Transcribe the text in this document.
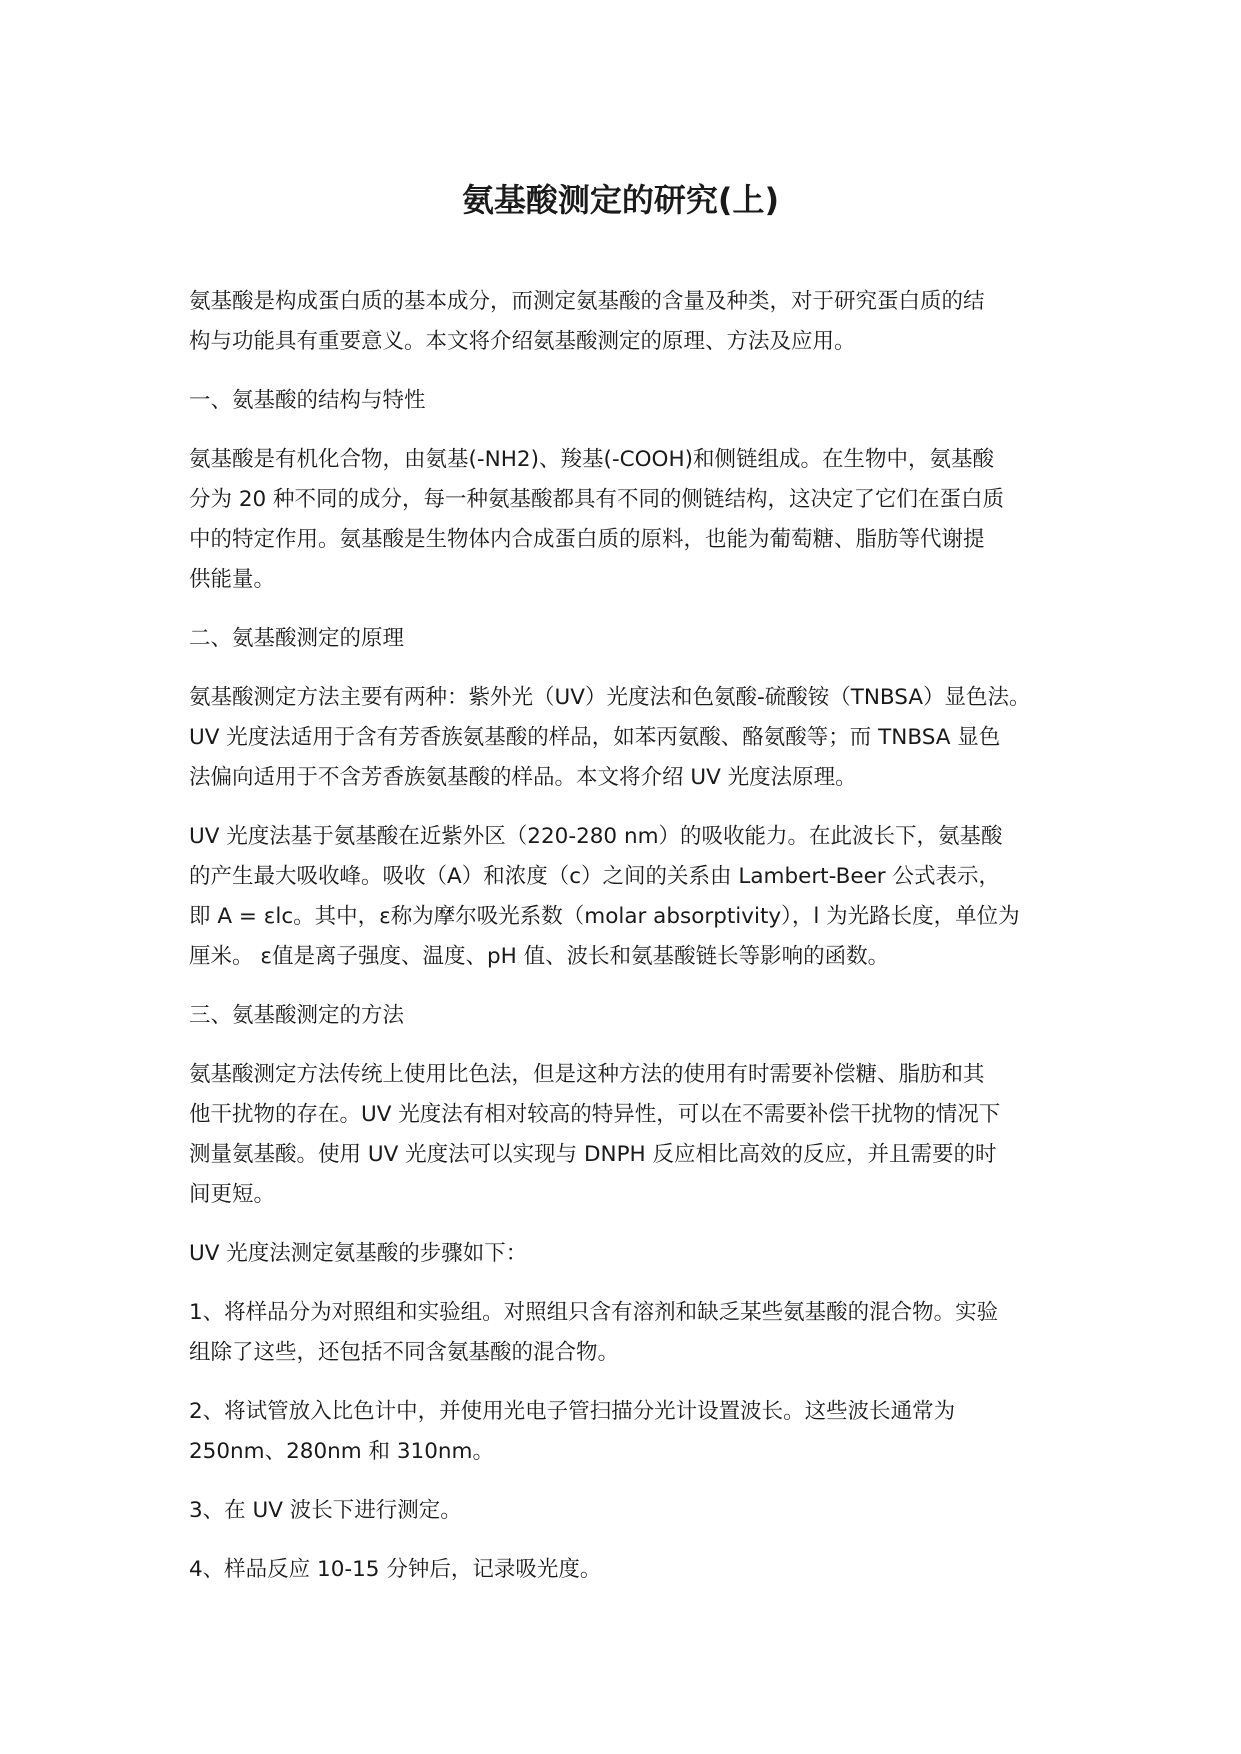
氨基酸测定的研究(上)

氨基酸是构成蛋白质的基本成分，而测定氨基酸的含量及种类，对于研究蛋白质的结
构与功能具有重要意义。本文将介绍氨基酸测定的原理、方法及应用。

一、氨基酸的结构与特性

氨基酸是有机化合物，由氨基(-NH2)、羧基(-COOH)和侧链组成。在生物中，氨基酸
分为 20 种不同的成分，每一种氨基酸都具有不同的侧链结构，这决定了它们在蛋白质
中的特定作用。氨基酸是生物体内合成蛋白质的原料，也能为葡萄糖、脂肪等代谢提
供能量。

二、氨基酸测定的原理

氨基酸测定方法主要有两种：紫外光（UV）光度法和色氨酸-硫酸铵（TNBSA）显色法。
UV 光度法适用于含有芳香族氨基酸的样品，如苯丙氨酸、酪氨酸等；而 TNBSA 显色
法偏向适用于不含芳香族氨基酸的样品。本文将介绍 UV 光度法原理。

UV 光度法基于氨基酸在近紫外区（220-280 nm）的吸收能力。在此波长下，氨基酸
的产生最大吸收峰。吸收（A）和浓度（c）之间的关系由 Lambert-Beer 公式表示，
即 A = εlc。其中，ε称为摩尔吸光系数（molar absorptivity），l 为光路长度，单位为
厘米。 ε值是离子强度、温度、pH 值、波长和氨基酸链长等影响的函数。

三、氨基酸测定的方法

氨基酸测定方法传统上使用比色法，但是这种方法的使用有时需要补偿糖、脂肪和其
他干扰物的存在。UV 光度法有相对较高的特异性，可以在不需要补偿干扰物的情况下
测量氨基酸。使用 UV 光度法可以实现与 DNPH 反应相比高效的反应，并且需要的时
间更短。

UV 光度法测定氨基酸的步骤如下：

1、将样品分为对照组和实验组。对照组只含有溶剂和缺乏某些氨基酸的混合物。实验
组除了这些，还包括不同含氨基酸的混合物。

2、将试管放入比色计中，并使用光电子管扫描分光计设置波长。这些波长通常为
250nm、280nm 和 310nm。

3、在 UV 波长下进行测定。

4、样品反应 10-15 分钟后，记录吸光度。
